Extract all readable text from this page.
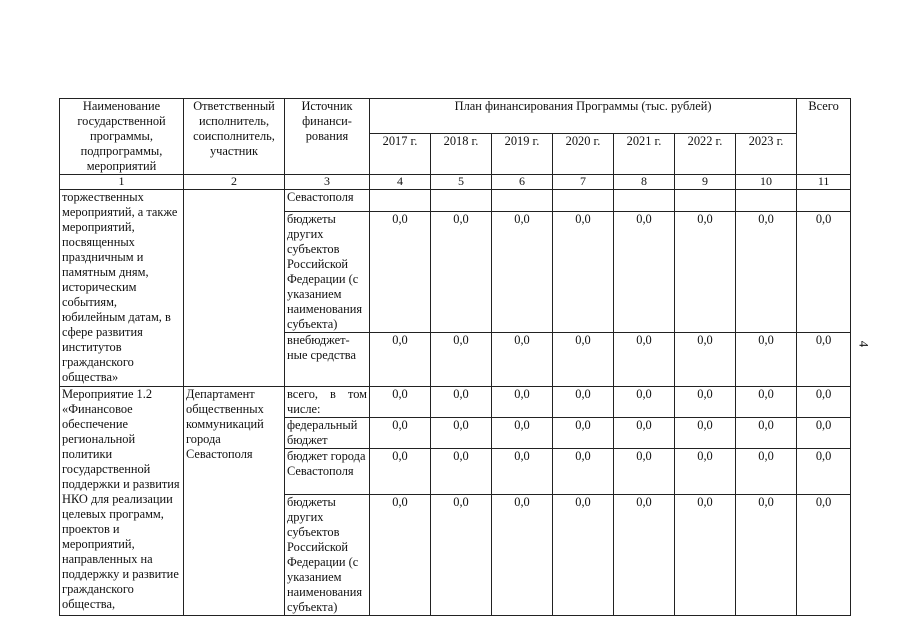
Наименование государственной программы, подпрограммы, мероприятий	Ответственный исполнитель, соисполнитель, участник	Источник финанси-рования	План финансирования Программы (тыс. рублей)							Всего
			2017 г.	2018 г.	2019 г.	2020 г.	2021 г.	2022 г.	2023 г.	
1	2	3	4	5	6	7	8	9	10	11
торжественных мероприятий, а также мероприятий, посвященных праздничным и памятным дням, историческим событиям, юбилейным датам, в сфере развития институтов гражданского общества»		Севастополя								
		бюджеты других субъектов Российской Федерации (с указанием наименования субъекта)	0,0	0,0	0,0	0,0	0,0	0,0	0,0	0,0
		внебюджет-ные средства	0,0	0,0	0,0	0,0	0,0	0,0	0,0	0,0
Мероприятие 1.2 «Финансовое обеспечение региональной политики государственной поддержки и развития НКО для реализации целевых программ, проектов и мероприятий, направленных на поддержку и развитие гражданского общества,	Департамент общественных коммуникаций города Севастополя	всего, в том числе:	0,0	0,0	0,0	0,0	0,0	0,0	0,0	0,0
		федеральный бюджет	0,0	0,0	0,0	0,0	0,0	0,0	0,0	0,0
		бюджет города Севастополя	0,0	0,0	0,0	0,0	0,0	0,0	0,0	0,0
		бюджеты других субъектов Российской Федерации (с указанием наименования субъекта)	0,0	0,0	0,0	0,0	0,0	0,0	0,0	0,0
4
